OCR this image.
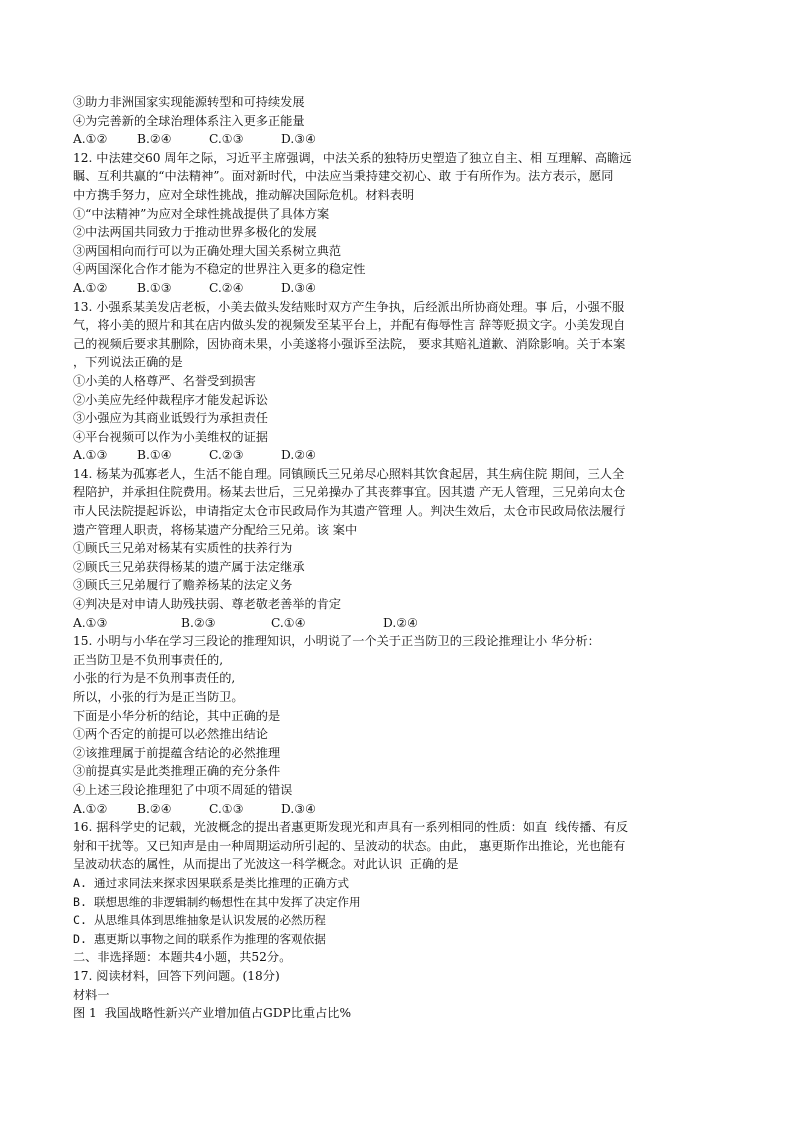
③助力非洲国家实现能源转型和可持续发展
④为完善新的全球治理体系注入更多正能量
A.①② B.②④	C.①③	D.③④
12. 中法建交60 周年之际，习近平主席强调，中法关系的独特历史塑造了独立自主、相 互理解、高瞻远
瞩、互利共赢的“中法精神”。面对新时代，中法应当秉持建交初心、敢 于有所作为。法方表示，愿同
中方携手努力，应对全球性挑战，推动解决国际危机。材料表明
①“中法精神”为应对全球性挑战提供了具体方案
②中法两国共同致力于推动世界多极化的发展
③两国相向而行可以为正确处理大国关系树立典范
④两国深化合作才能为不稳定的世界注入更多的稳定性
A.①② B.①③	C.②④	D.③④
13. 小强系某美发店老板，小美去做头发结账时双方产生争执，后经派出所协商处理。事 后，小强不服
气，将小美的照片和其在店内做头发的视频发至某平台上，并配有侮辱性言 辞等贬损文字。小美发现自
己的视频后要求其删除，因协商未果，小美遂将小强诉至法院， 要求其赔礼道歉、消除影响。关于本案
，下列说法正确的是
①小美的人格尊严、名誉受到损害
②小美应先经仲裁程序才能发起诉讼
③小强应为其商业诋毁行为承担责任
④平台视频可以作为小美维权的证据
A.①③ B.①④	C.②③	D.②④
14. 杨某为孤寡老人，生活不能自理。同镇顾氏三兄弟尽心照料其饮食起居，其生病住院 期间，三人全
程陪护，并承担住院费用。杨某去世后，三兄弟操办了其丧葬事宜。因其遗 产无人管理，三兄弟向太仓
市人民法院提起诉讼，申请指定太仓市民政局作为其遗产管理 人。判决生效后，太仓市民政局依法履行
遗产管理人职责，将杨某遗产分配给三兄弟。该 案中
①顾氏三兄弟对杨某有实质性的扶养行为
②顾氏三兄弟获得杨某的遗产属于法定继承
③顾氏三兄弟履行了赡养杨某的法定义务
④判决是对申请人助残扶弱、尊老敬老善举的肯定
A.①③	B.②③	C.①④	D.②④
15. 小明与小华在学习三段论的推理知识，小明说了一个关于正当防卫的三段论推理让小 华分析：
正当防卫是不负刑事责任的,
小张的行为是不负刑事责任的,
所以，小张的行为是正当防卫。
下面是小华分析的结论，其中正确的是
①两个否定的前提可以必然推出结论
②该推理属于前提蕴含结论的必然推理
③前提真实是此类推理正确的充分条件
④上述三段论推理犯了中项不周延的错误
A.①② B.②④	C.①③	D.③④
16. 据科学史的记载，光波概念的提出者惠更斯发现光和声具有一系列相同的性质：如直  线传播、有反
射和干扰等。又已知声是由一种周期运动所引起的、呈波动的状态。由此， 惠更斯作出推论，光也能有
呈波动状态的属性，从而提出了光波这一科学概念。对此认识  正确的是
A. 通过求同法来探求因果联系是类比推理的正确方式
B. 联想思维的非逻辑制约畅想性在其中发挥了决定作用
C. 从思维具体到思维抽象是认识发展的必然历程
D. 惠更斯以事物之间的联系作为推理的客观依据
二、非选择题：本题共4小题，共52分。
17. 阅读材料，回答下列问题。(18分)
材料一
图 1  我国战略性新兴产业增加值占GDP比重占比%
